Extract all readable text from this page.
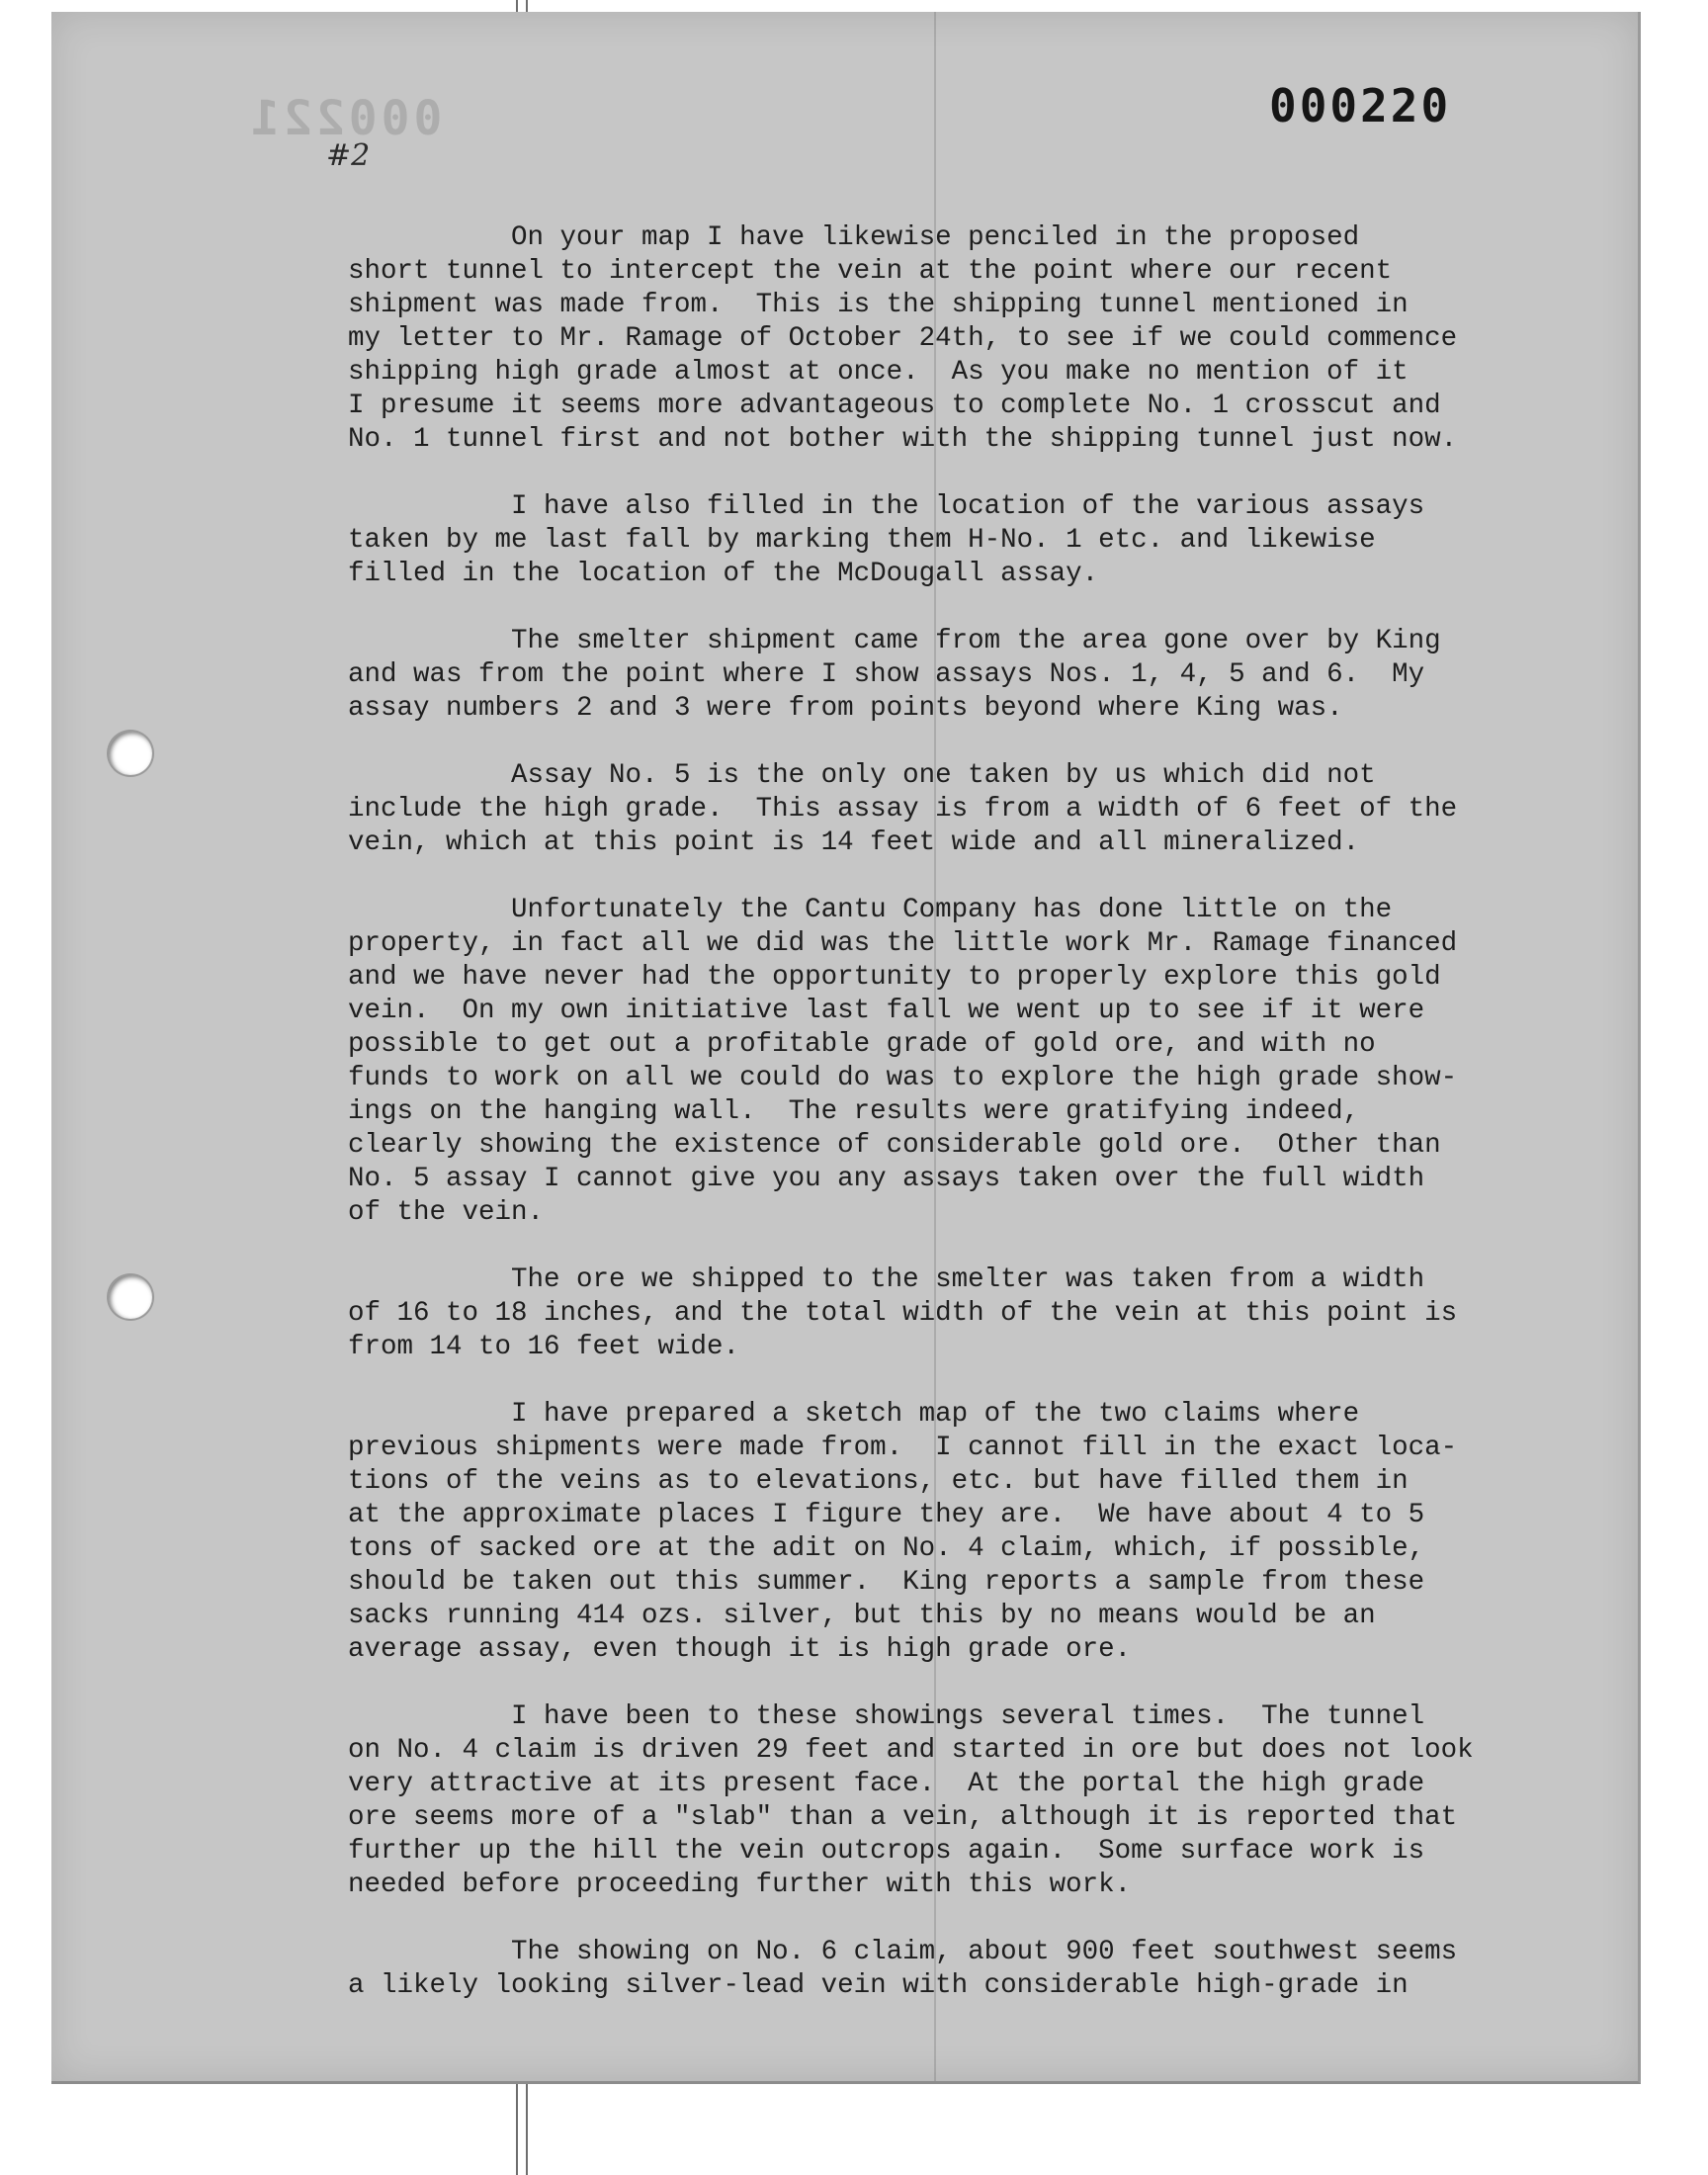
000221	000220
#2

On your map I have likewise penciled in the proposed
short tunnel to intercept the vein at the point where our recent
shipment was made from.  This is the shipping tunnel mentioned in
my letter to Mr. Ramage of October 24th, to see if we could commence
shipping high grade almost at once.  As you make no mention of it
I presume it seems more advantageous to complete No. 1 crosscut and
No. 1 tunnel first and not bother with the shipping tunnel just now.

I have also filled in the location of the various assays
taken by me last fall by marking them H-No. 1 etc. and likewise
filled in the location of the McDougall assay.

The smelter shipment came from the area gone over by King
and was from the point where I show assays Nos. 1, 4, 5 and 6.  My
assay numbers 2 and 3 were from points beyond where King was.

Assay No. 5 is the only one taken by us which did not
include the high grade.  This assay is from a width of 6 feet of the
vein, which at this point is 14 feet wide and all mineralized.

Unfortunately the Cantu Company has done little on the
property, in fact all we did was the little work Mr. Ramage financed
and we have never had the opportunity to properly explore this gold
vein.  On my own initiative last fall we went up to see if it were
possible to get out a profitable grade of gold ore, and with no
funds to work on all we could do was to explore the high grade show-
ings on the hanging wall.  The results were gratifying indeed,
clearly showing the existence of considerable gold ore.  Other than
No. 5 assay I cannot give you any assays taken over the full width
of the vein.

The ore we shipped to the smelter was taken from a width
of 16 to 18 inches, and the total width of the vein at this point is
from 14 to 16 feet wide.

I have prepared a sketch map of the two claims where
previous shipments were made from.  I cannot fill in the exact loca-
tions of the veins as to elevations, etc. but have filled them in
at the approximate places I figure they are.  We have about 4 to 5
tons of sacked ore at the adit on No. 4 claim, which, if possible,
should be taken out this summer.  King reports a sample from these
sacks running 414 ozs. silver, but this by no means would be an
average assay, even though it is high grade ore.

I have been to these showings several times.  The tunnel
on No. 4 claim is driven 29 feet and started in ore but does not look
very attractive at its present face.  At the portal the high grade
ore seems more of a "slab" than a vein, although it is reported that
further up the hill the vein outcrops again.  Some surface work is
needed before proceeding further with this work.

The showing on No. 6 claim, about 900 feet southwest seems
a likely looking silver-lead vein with considerable high-grade in
